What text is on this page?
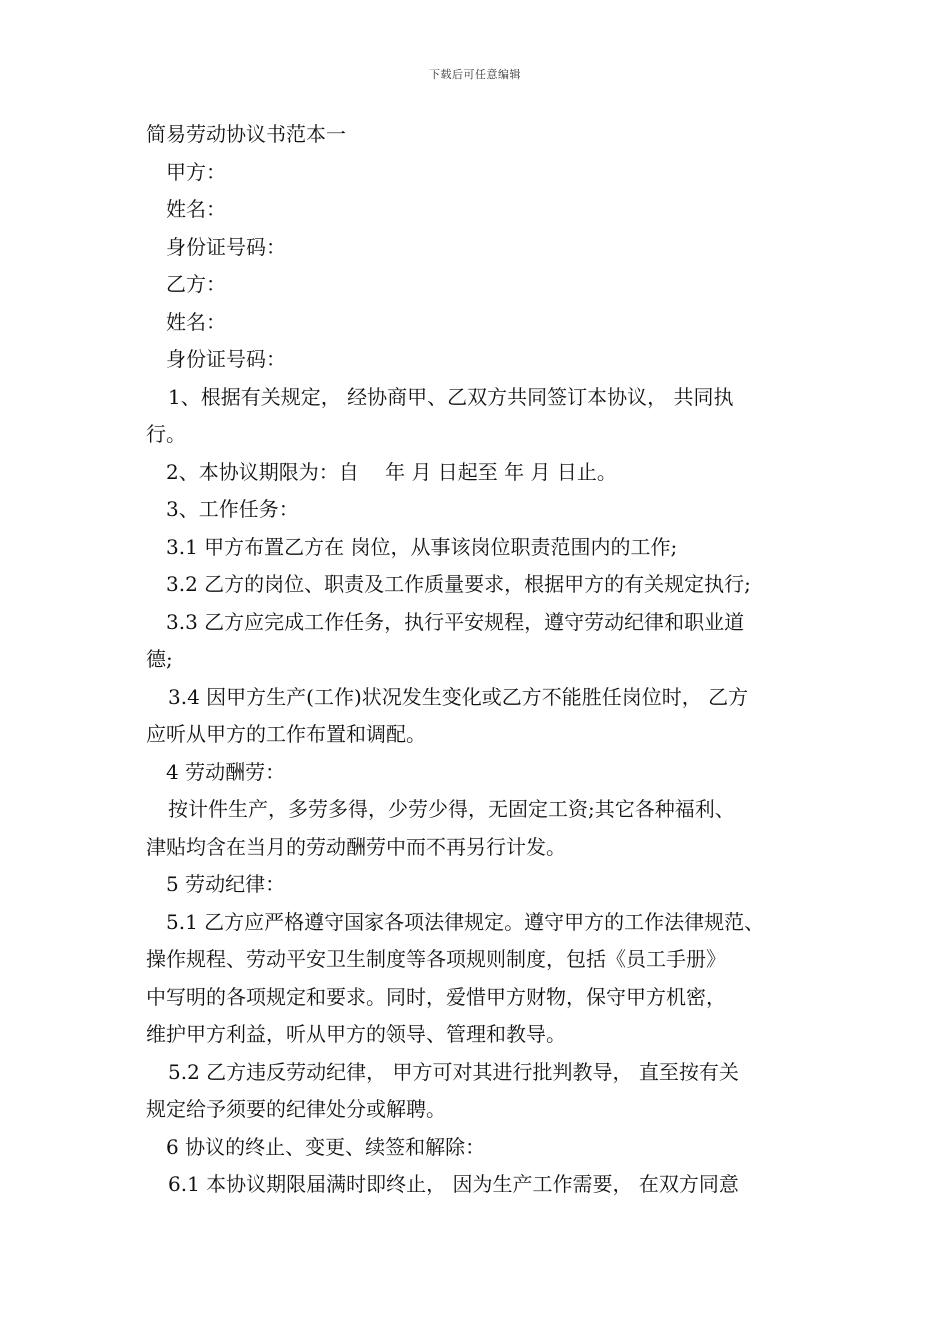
下载后可任意编辑
简易劳动协议书范本一
甲方：
姓名：
身份证号码：
乙方：
姓名：
身份证号码：
1、根据有关规定， 经协商甲、乙双方共同签订本协议， 共同执
行。
2、本协议期限为：自 　年 月 日起至 年 月 日止。
3、工作任务：
3.1 甲方布置乙方在 岗位，从事该岗位职责范围内的工作;
3.2 乙方的岗位、职责及工作质量要求，根据甲方的有关规定执行;
3.3 乙方应完成工作任务，执行平安规程，遵守劳动纪律和职业道
德;
3.4 因甲方生产(工作)状况发生变化或乙方不能胜任岗位时， 乙方
应听从甲方的工作布置和调配。
4 劳动酬劳：
按计件生产，多劳多得，少劳少得，无固定工资;其它各种福利、
津贴均含在当月的劳动酬劳中而不再另行计发。
5 劳动纪律：
5.1 乙方应严格遵守国家各项法律规定。遵守甲方的工作法律规范、
操作规程、劳动平安卫生制度等各项规则制度，包括《员工手册》
中写明的各项规定和要求。同时，爱惜甲方财物，保守甲方机密，
维护甲方利益，听从甲方的领导、管理和教导。
5.2 乙方违反劳动纪律， 甲方可对其进行批判教导， 直至按有关
规定给予须要的纪律处分或解聘。
6 协议的终止、变更、续签和解除：
6.1 本协议期限届满时即终止， 因为生产工作需要， 在双方同意
